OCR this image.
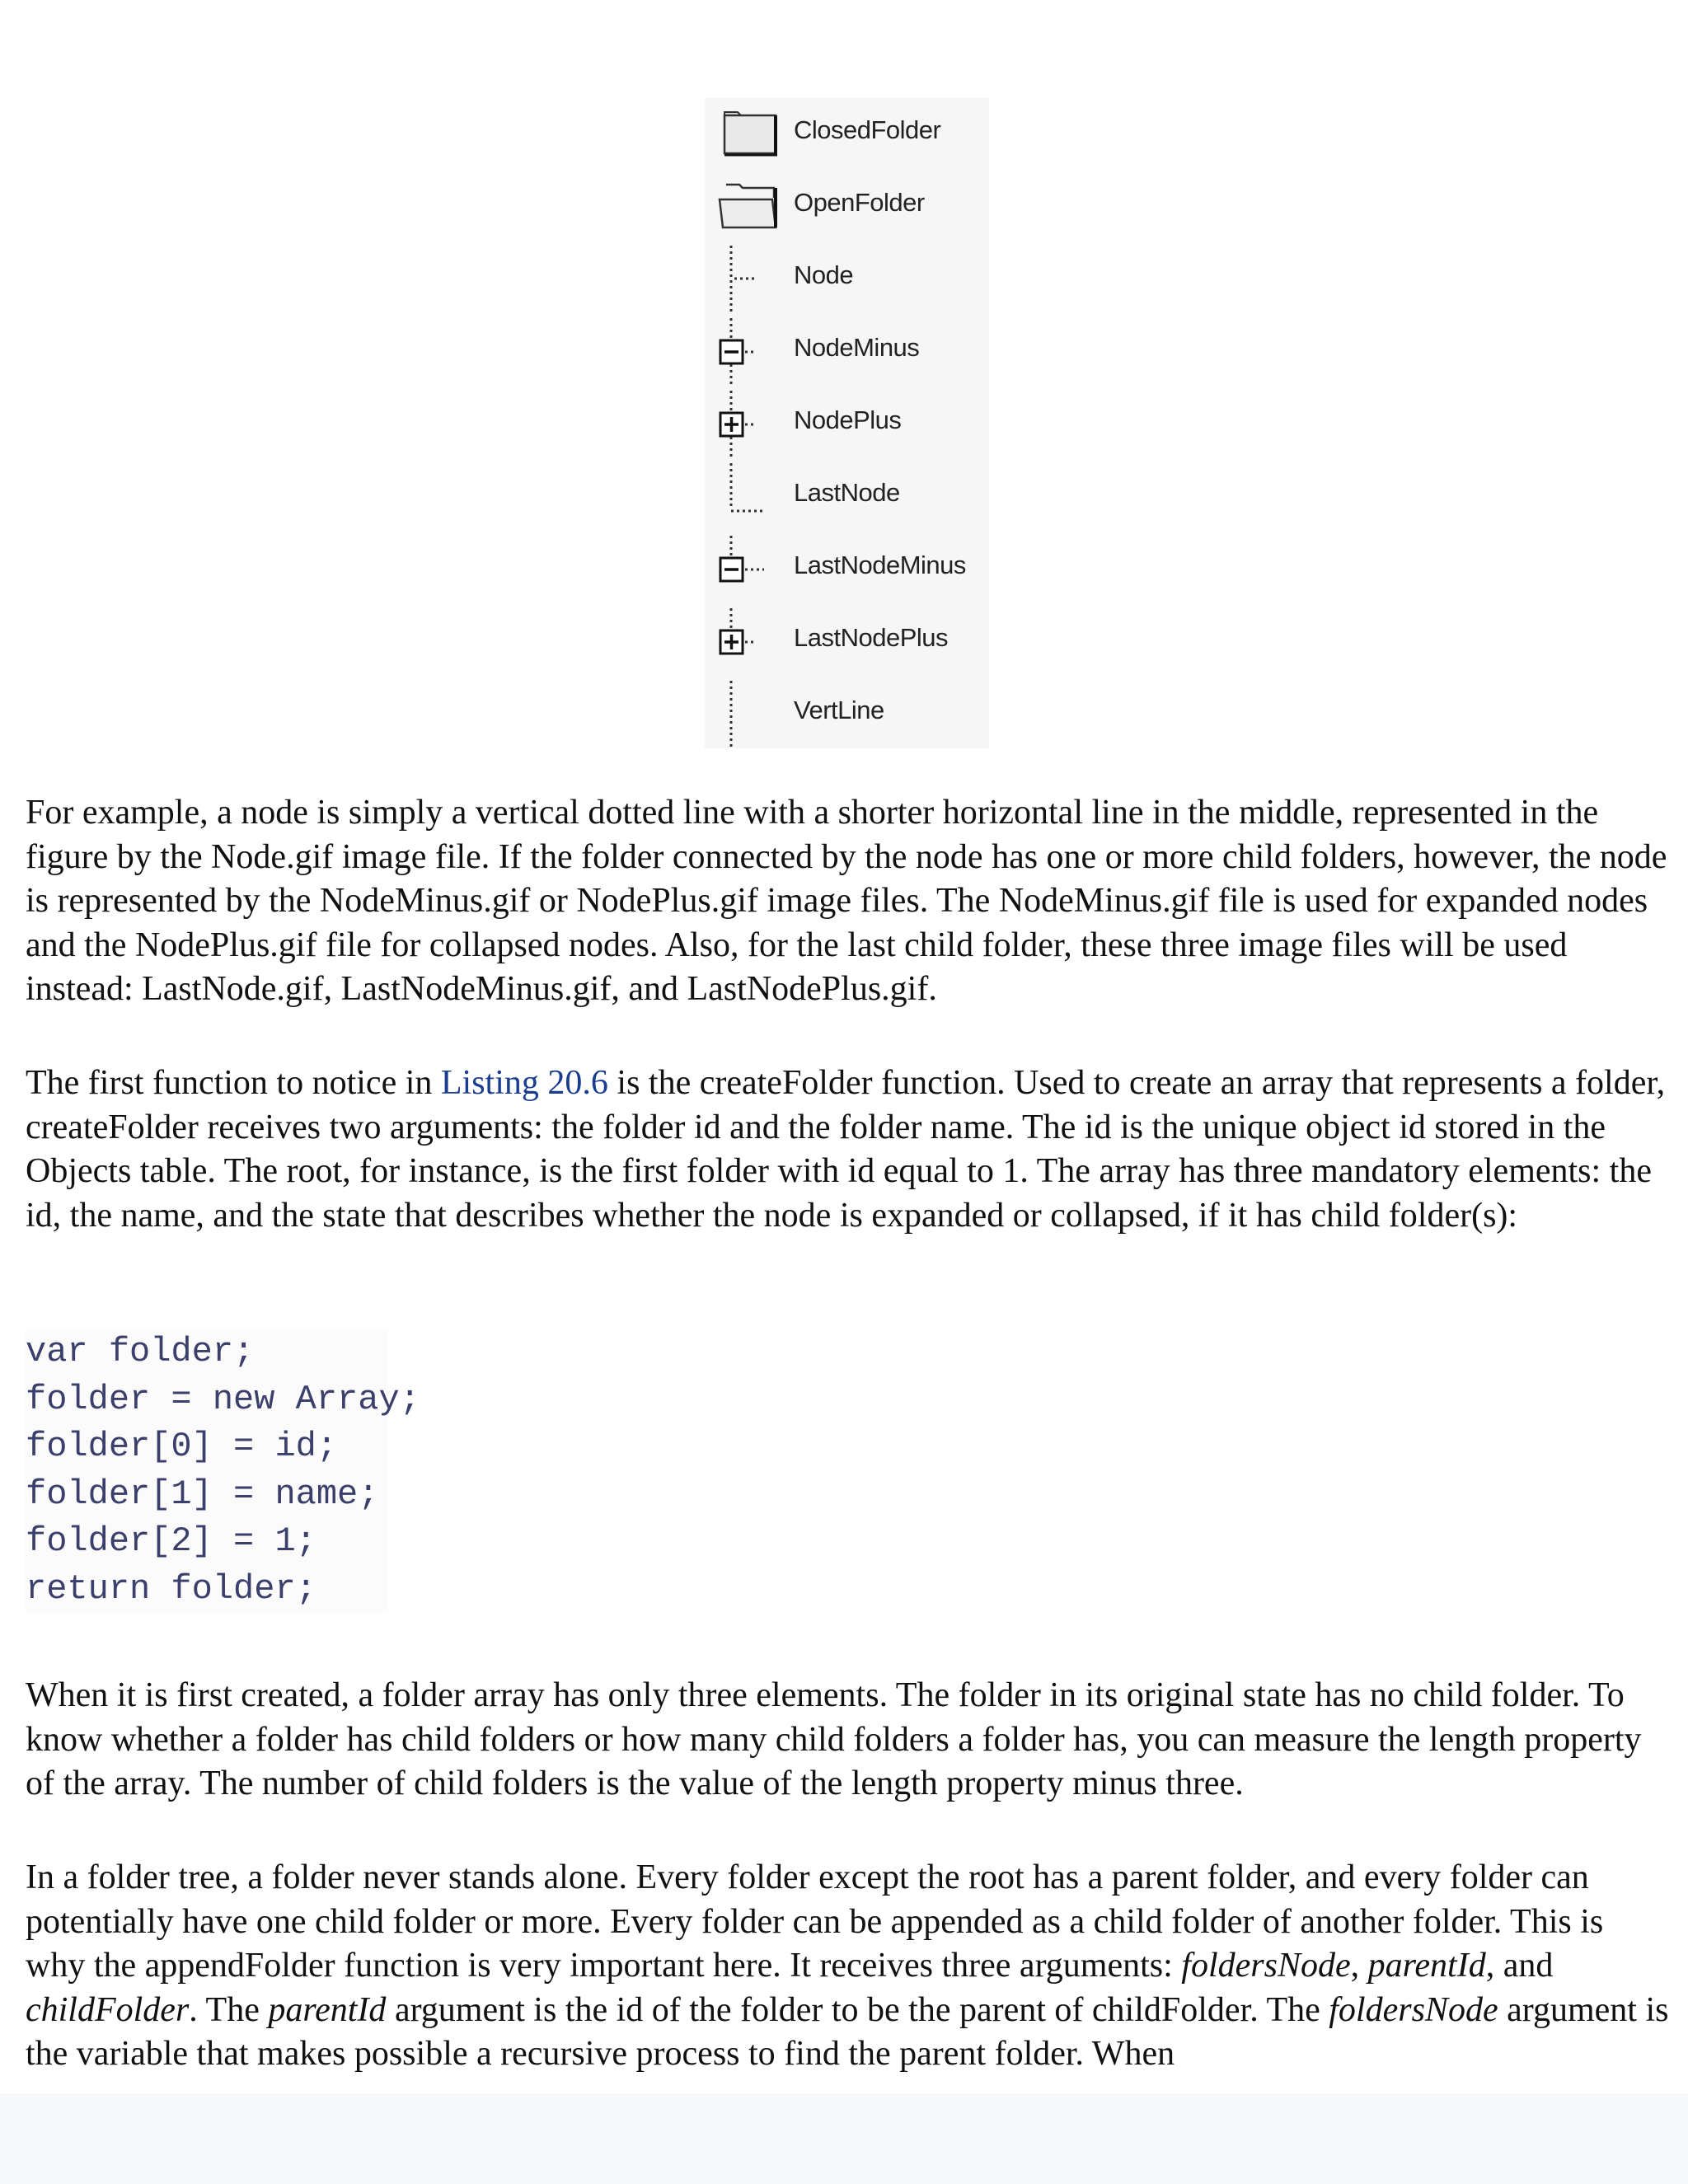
ClosedFolder
OpenFolder
Node
NodeMinus
NodePlus
LastNode
LastNodeMinus
LastNodePlus
VertLine

For example, a node is simply a vertical dotted line with a shorter horizontal line in the middle, represented in the figure by the Node.gif image file. If the folder connected by the node has one or more child folders, however, the node is represented by the NodeMinus.gif or NodePlus.gif image files. The NodeMinus.gif file is used for expanded nodes and the NodePlus.gif file for collapsed nodes. Also, for the last child folder, these three image files will be used instead: LastNode.gif, LastNodeMinus.gif, and LastNodePlus.gif.

The first function to notice in Listing 20.6 is the createFolder function. Used to create an array that represents a folder, createFolder receives two arguments: the folder id and the folder name. The id is the unique object id stored in the Objects table. The root, for instance, is the first folder with id equal to 1. The array has three mandatory elements: the id, the name, and the state that describes whether the node is expanded or collapsed, if it has child folder(s):

var folder;
folder = new Array;
folder[0] = id;
folder[1] = name;
folder[2] = 1;
return folder;

When it is first created, a folder array has only three elements. The folder in its original state has no child folder. To know whether a folder has child folders or how many child folders a folder has, you can measure the length property of the array. The number of child folders is the value of the length property minus three.

In a folder tree, a folder never stands alone. Every folder except the root has a parent folder, and every folder can potentially have one child folder or more. Every folder can be appended as a child folder of another folder. This is why the appendFolder function is very important here. It receives three arguments: foldersNode, parentId, and childFolder. The parentId argument is the id of the folder to be the parent of childFolder. The foldersNode argument is the variable that makes possible a recursive process to find the parent folder. When
